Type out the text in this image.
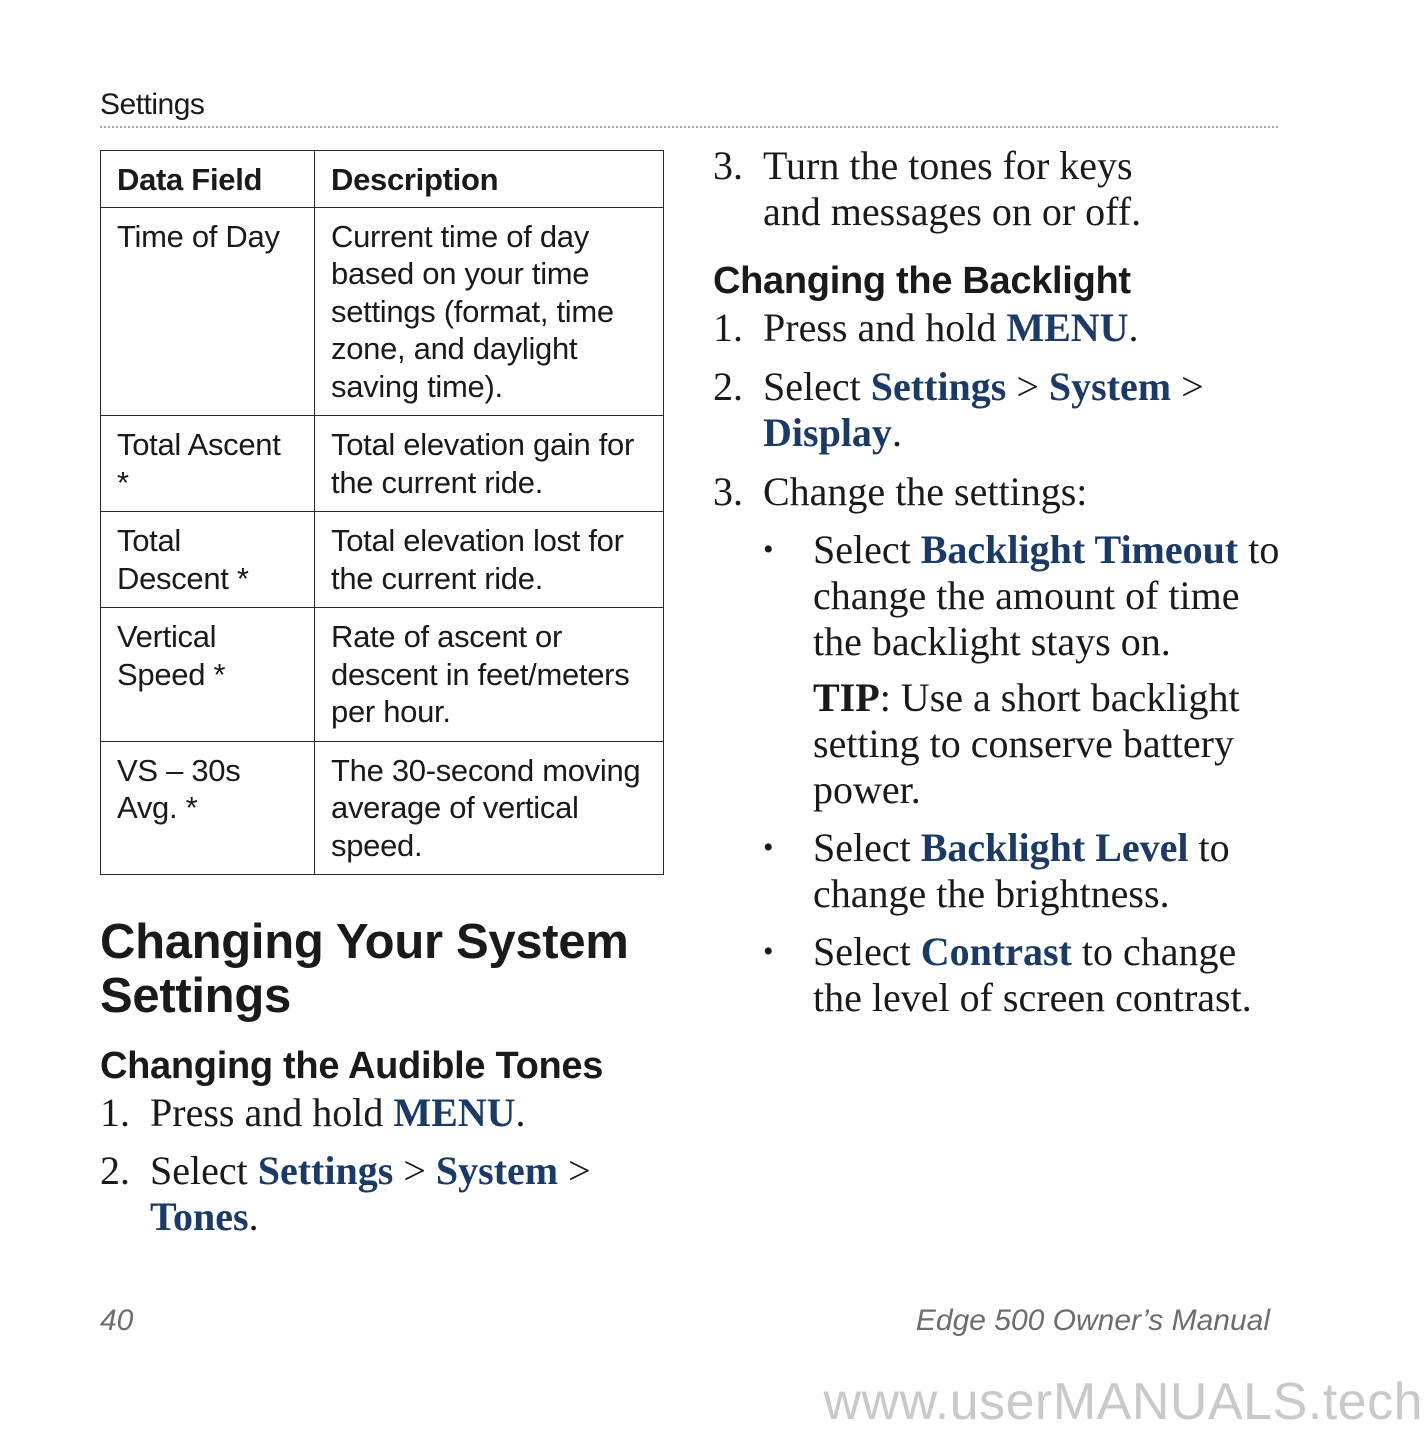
Settings
Data Field	Description
Time of Day	Current time of day based on your time settings (format, time zone, and daylight saving time).
Total Ascent *	Total elevation gain for the current ride.
Total Descent *	Total elevation lost for the current ride.
Vertical Speed *	Rate of ascent or descent in feet/meters per hour.
VS – 30s Avg. *	The 30-second moving average of vertical speed.
Changing Your System Settings
Changing the Audible Tones
1. Press and hold MENU.
2. Select Settings > System > Tones.
3. Turn the tones for keys and messages on or off.
Changing the Backlight
1. Press and hold MENU.
2. Select Settings > System > Display.
3. Change the settings:
• Select Backlight Timeout to change the amount of time the backlight stays on.
TIP: Use a short backlight setting to conserve battery power.
• Select Backlight Level to change the brightness.
• Select Contrast to change the level of screen contrast.
40	Edge 500 Owner’s Manual
www.userMANUALS.tech
